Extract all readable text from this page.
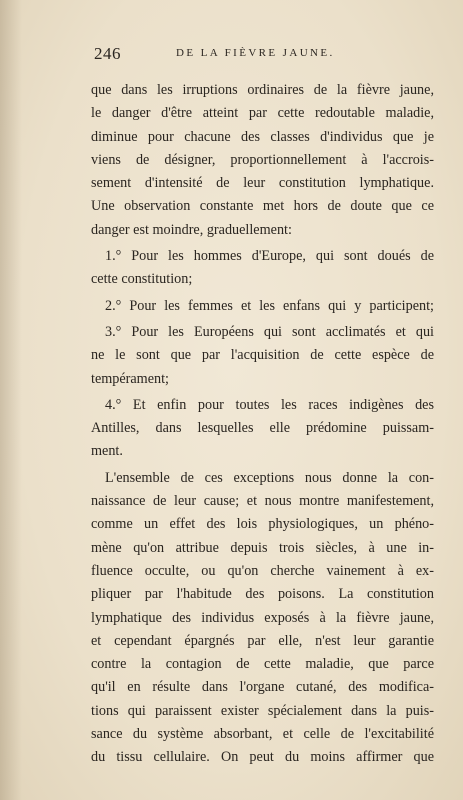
246	DE LA FIÈVRE JAUNE.
que dans les irruptions ordinaires de la fièvre jaune,
le danger d'être atteint par cette redoutable maladie,
diminue pour chacune des classes d'individus que je
viens de désigner, proportionnellement à l'accrois-
sement d'intensité de leur constitution lymphatique.
Une observation constante met hors de doute que ce
danger est moindre, graduellement:
1.° Pour les hommes d'Europe, qui sont doués de
cette constitution;
2.° Pour les femmes et les enfans qui y participent;
3.° Pour les Européens qui sont acclimatés et qui
ne le sont que par l'acquisition de cette espèce de
tempérament;
4.° Et enfin pour toutes les races indigènes des
Antilles, dans lesquelles elle prédomine puissam-
ment.
L'ensemble de ces exceptions nous donne la con-
naissance de leur cause; et nous montre manifestement,
comme un effet des lois physiologiques, un phéno-
mène qu'on attribue depuis trois siècles, à une in-
fluence occulte, ou qu'on cherche vainement à ex-
pliquer par l'habitude des poisons. La constitution
lymphatique des individus exposés à la fièvre jaune,
et cependant épargnés par elle, n'est leur garantie
contre la contagion de cette maladie, que parce
qu'il en résulte dans l'organe cutané, des modifica-
tions qui paraissent exister spécialement dans la puis-
sance du système absorbant, et celle de l'excitabilité
du tissu cellulaire. On peut du moins affirmer que
